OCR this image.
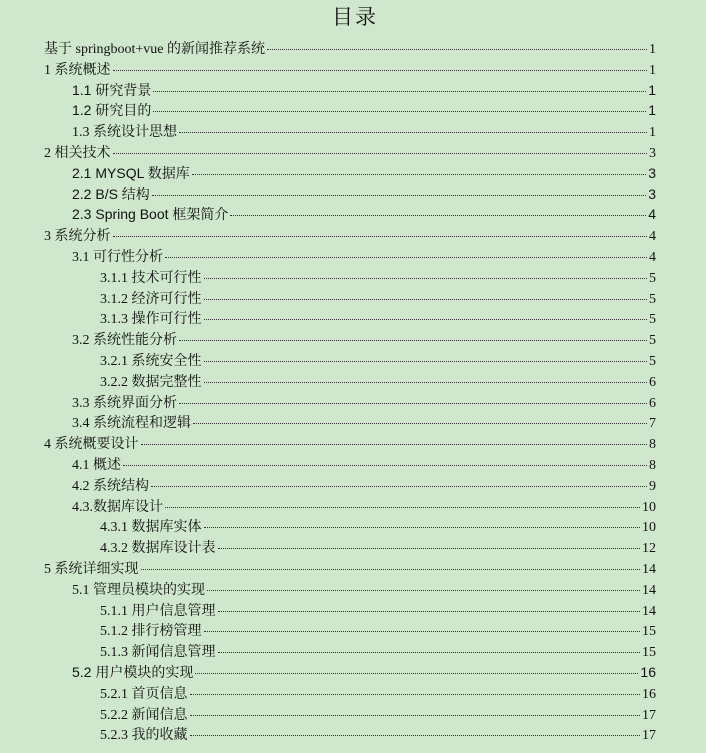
目录
基于 springboot+vue 的新闻推荐系统	1
1 系统概述	1
1.1 研究背景	1
1.2 研究目的	1
1.3 系统设计思想	1
2 相关技术	3
2.1 MYSQL 数据库	3
2.2 B/S 结构	3
2.3 Spring Boot 框架简介	4
3 系统分析	4
3.1 可行性分析	4
3.1.1 技术可行性	5
3.1.2 经济可行性	5
3.1.3 操作可行性	5
3.2 系统性能分析	5
3.2.1 系统安全性	5
3.2.2 数据完整性	6
3.3 系统界面分析	6
3.4 系统流程和逻辑	7
4 系统概要设计	8
4.1 概述	8
4.2 系统结构	9
4.3.数据库设计	10
4.3.1 数据库实体	10
4.3.2 数据库设计表	12
5 系统详细实现	14
5.1 管理员模块的实现	14
5.1.1 用户信息管理	14
5.1.2 排行榜管理	15
5.1.3 新闻信息管理	15
5.2 用户模块的实现	16
5.2.1 首页信息	16
5.2.2 新闻信息	17
5.2.3 我的收藏	17
